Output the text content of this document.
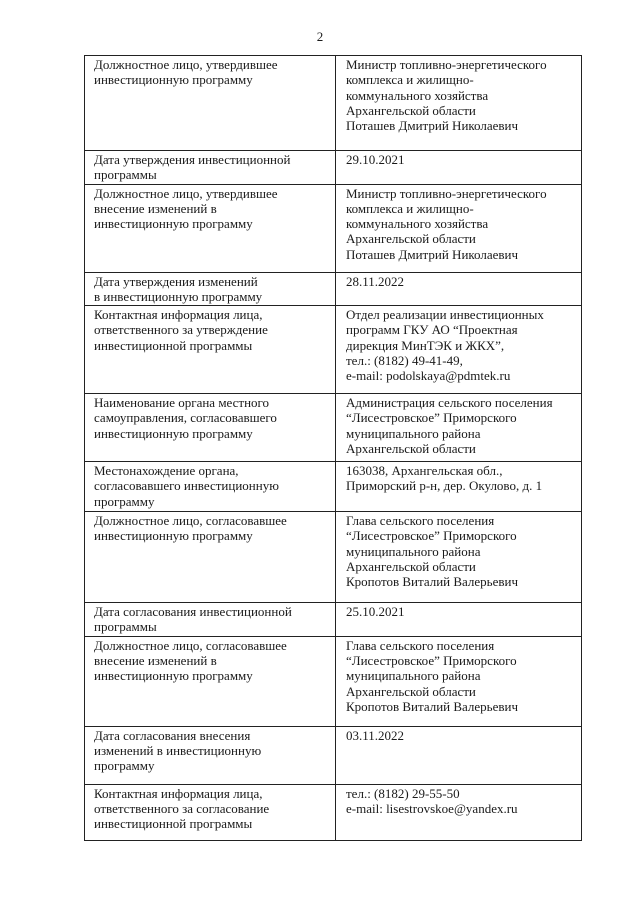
2
Должностное лицо, утвердившее
инвестиционную программу	Министр топливно-энергетического
комплекса и жилищно-
коммунального хозяйства
Архангельской области
Поташев Дмитрий Николаевич

Дата утверждения инвестиционной
программы	29.10.2021

Должностное лицо, утвердившее
внесение изменений в
инвестиционную программу	Министр топливно-энергетического
комплекса и жилищно-
коммунального хозяйства
Архангельской области
Поташев Дмитрий Николаевич

Дата утверждения изменений
в инвестиционную программу	28.11.2022

Контактная информация лица,
ответственного за утверждение
инвестиционной программы	Отдел реализации инвестиционных
программ ГКУ АО “Проектная
дирекция МинТЭК и ЖКХ”,
тел.: (8182) 49-41-49,
e-mail: podolskaya@pdmtek.ru

Наименование органа местного
самоуправления, согласовавшего
инвестиционную программу	Администрация сельского поселения
“Лисестровское” Приморского
муниципального района
Архангельской области

Местонахождение органа,
согласовавшего инвестиционную
программу	163038, Архангельская обл.,
Приморский р-н, дер. Окулово, д. 1

Должностное лицо, согласовавшее
инвестиционную программу	Глава сельского поселения
“Лисестровское” Приморского
муниципального района
Архангельской области
Кропотов Виталий Валерьевич

Дата согласования инвестиционной
программы	25.10.2021

Должностное лицо, согласовавшее
внесение изменений в
инвестиционную программу	Глава сельского поселения
“Лисестровское” Приморского
муниципального района
Архангельской области
Кропотов Виталий Валерьевич

Дата согласования внесения
изменений в инвестиционную
программу	03.11.2022

Контактная информация лица,
ответственного за согласование
инвестиционной программы	тел.: (8182) 29-55-50
e-mail: lisestrovskoe@yandex.ru
